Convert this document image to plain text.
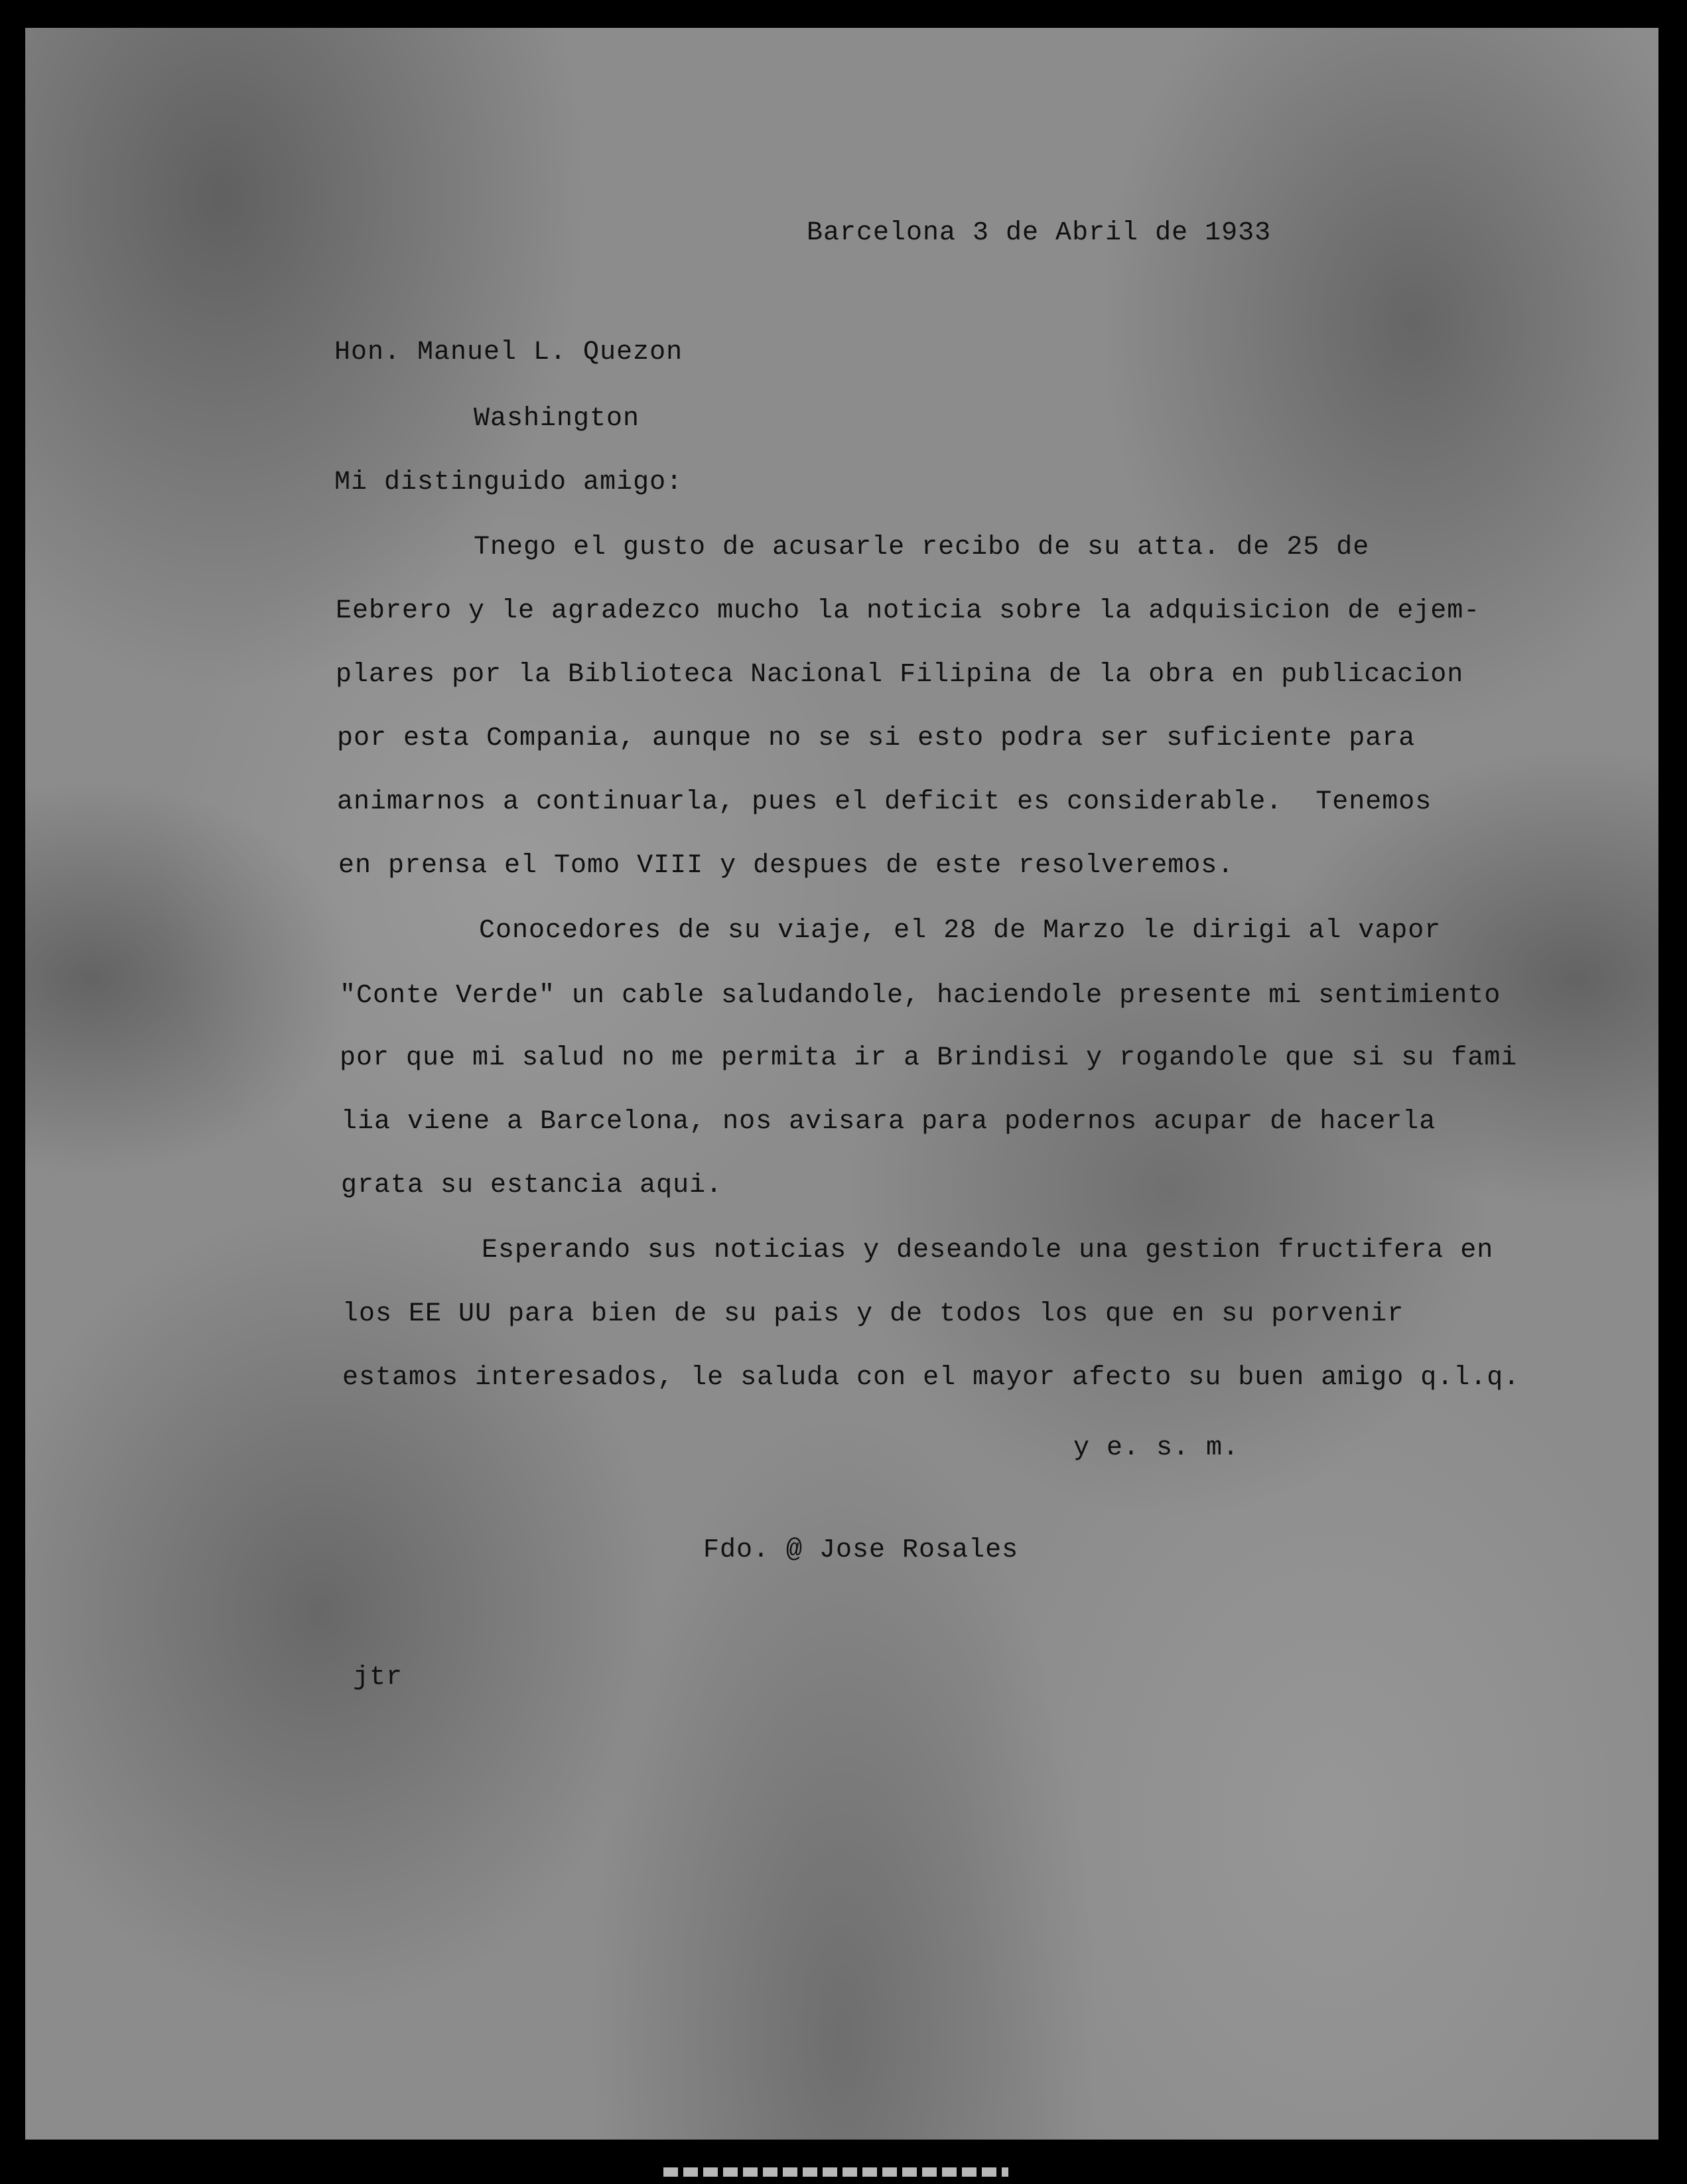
Barcelona 3 de Abril de 1933
Hon. Manuel L. Quezon
Washington
Mi distinguido amigo:
Tnego el gusto de acusarle recibo de su atta. de 25 de
Eebrero y le agradezco mucho la noticia sobre la adquisicion de ejem-
plares por la Biblioteca Nacional Filipina de la obra en publicacion
por esta Compania, aunque no se si esto podra ser suficiente para
animarnos a continuarla, pues el deficit es considerable.  Tenemos
en prensa el Tomo VIII y despues de este resolveremos.
Conocedores de su viaje, el 28 de Marzo le dirigi al vapor
"Conte Verde" un cable saludandole, haciendole presente mi sentimiento
por que mi salud no me permita ir a Brindisi y rogandole que si su fami
lia viene a Barcelona, nos avisara para podernos acupar de hacerla
grata su estancia aqui.
Esperando sus noticias y deseandole una gestion fructifera en
los EE UU para bien de su pais y de todos los que en su porvenir
estamos interesados, le saluda con el mayor afecto su buen amigo q.l.q.
y e. s. m.
Fdo. @ Jose Rosales
jtr
